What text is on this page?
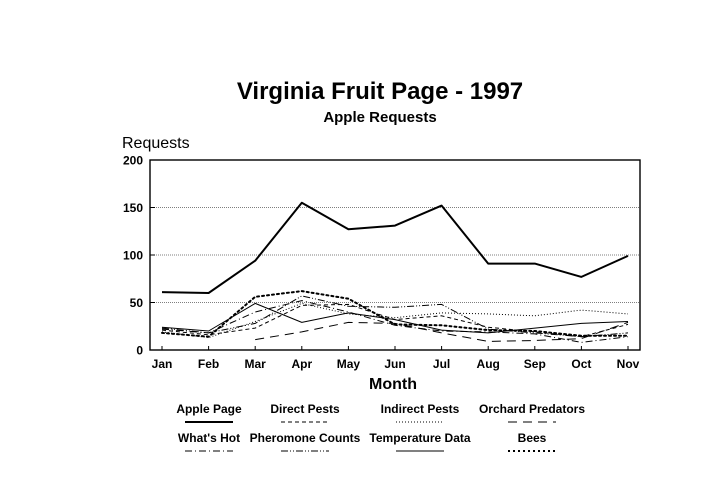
Virginia Fruit Page - 1997
Apple Requests
Requests
Month
0
50
100
150
200
Jan Feb Mar Apr May Jun Jul Aug Sep Oct Nov
Apple Page Direct Pests	Indirect Pests Orchard Predators
What's Hot Pheromone Counts Temperature Data	Bees
